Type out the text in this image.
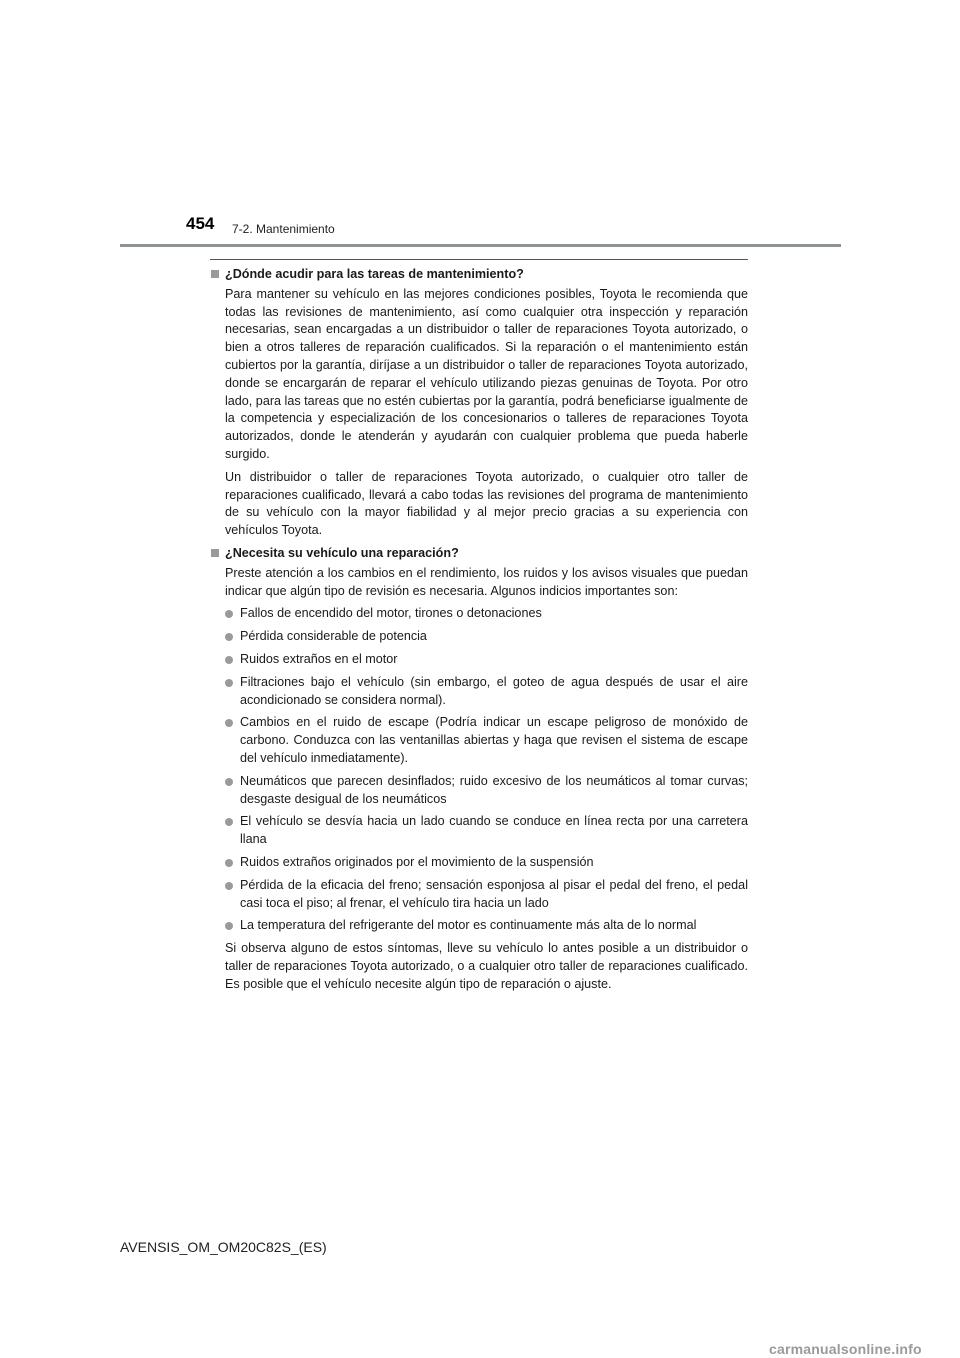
454 7-2. Mantenimiento
¿Dónde acudir para las tareas de mantenimiento?

Para mantener su vehículo en las mejores condiciones posibles, Toyota le recomienda que todas las revisiones de mantenimiento, así como cualquier otra inspección y reparación necesarias, sean encargadas a un distribuidor o taller de reparaciones Toyota autorizado, o bien a otros talleres de reparación cualificados. Si la reparación o el mantenimiento están cubiertos por la garantía, diríjase a un distribuidor o taller de reparaciones Toyota autorizado, donde se encargarán de reparar el vehículo utilizando piezas genuinas de Toyota. Por otro lado, para las tareas que no estén cubiertas por la garantía, podrá beneficiarse igualmente de la competencia y especialización de los concesionarios o talleres de reparaciones Toyota autorizados, donde le atenderán y ayudarán con cualquier problema que pueda haberle surgido.

Un distribuidor o taller de reparaciones Toyota autorizado, o cualquier otro taller de reparaciones cualificado, llevará a cabo todas las revisiones del programa de mantenimiento de su vehículo con la mayor fiabilidad y al mejor precio gracias a su experiencia con vehículos Toyota.

¿Necesita su vehículo una reparación?

Preste atención a los cambios en el rendimiento, los ruidos y los avisos visuales que puedan indicar que algún tipo de revisión es necesaria. Algunos indicios importantes son:

Fallos de encendido del motor, tirones o detonaciones
Pérdida considerable de potencia
Ruidos extraños en el motor
Filtraciones bajo el vehículo (sin embargo, el goteo de agua después de usar el aire acondicionado se considera normal).
Cambios en el ruido de escape (Podría indicar un escape peligroso de monóxido de carbono. Conduzca con las ventanillas abiertas y haga que revisen el sistema de escape del vehículo inmediatamente).
Neumáticos que parecen desinflados; ruido excesivo de los neumáticos al tomar curvas; desgaste desigual de los neumáticos
El vehículo se desvía hacia un lado cuando se conduce en línea recta por una carretera llana
Ruidos extraños originados por el movimiento de la suspensión
Pérdida de la eficacia del freno; sensación esponjosa al pisar el pedal del freno, el pedal casi toca el piso; al frenar, el vehículo tira hacia un lado
La temperatura del refrigerante del motor es continuamente más alta de lo normal

Si observa alguno de estos síntomas, lleve su vehículo lo antes posible a un distribuidor o taller de reparaciones Toyota autorizado, o a cualquier otro taller de reparaciones cualificado. Es posible que el vehículo necesite algún tipo de reparación o ajuste.

AVENSIS_OM_OM20C82S_(ES)
carmanualsonline.info
